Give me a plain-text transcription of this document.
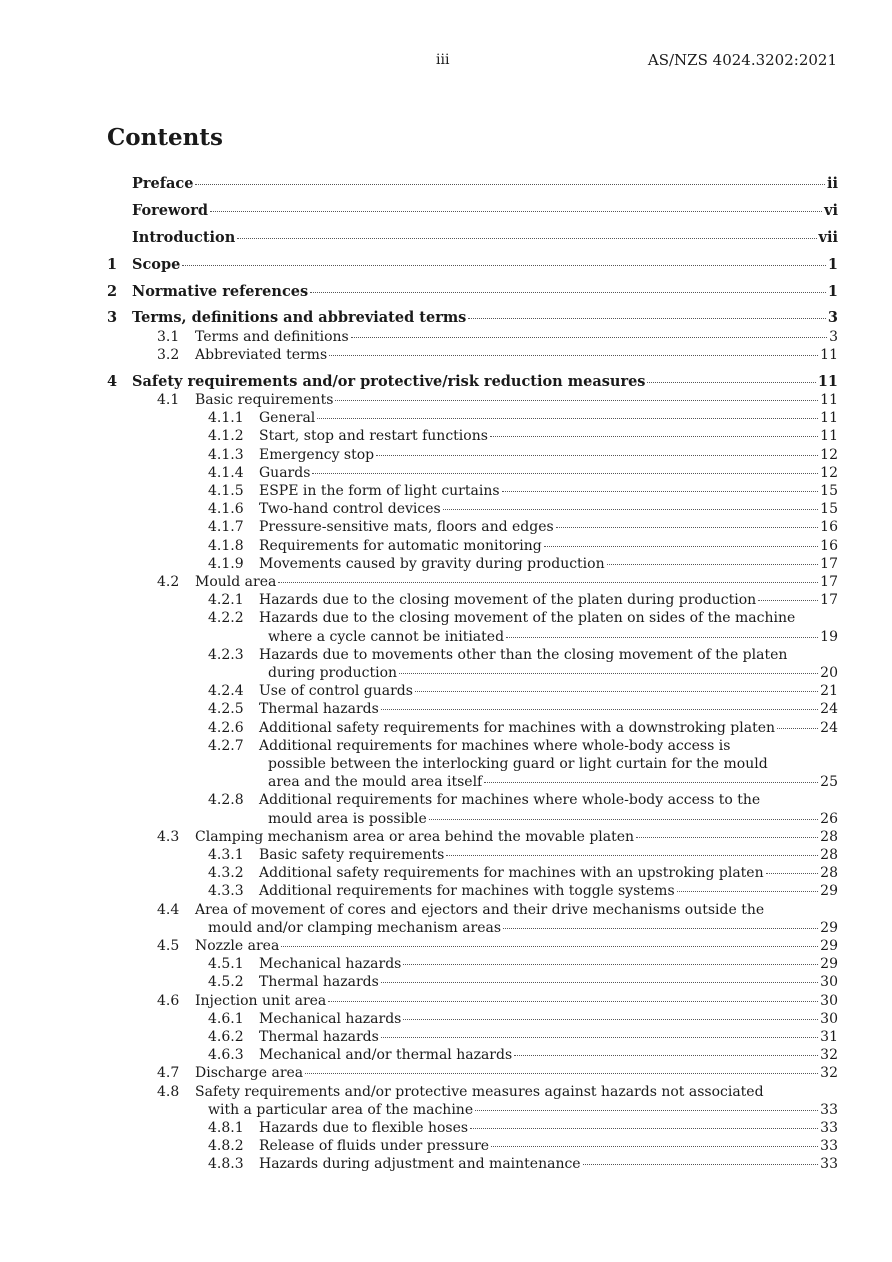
iii	AS/NZS 4024.3202:2021
Contents
Preface	ii
Foreword	vi
Introduction	vii
1	Scope	1
2	Normative references	1
3	Terms, definitions and abbreviated terms	3
3.1	Terms and definitions	3
3.2	Abbreviated terms	11
4	Safety requirements and/or protective/risk reduction measures	11
4.1	Basic requirements	11
4.1.1	General	11
4.1.2	Start, stop and restart functions	11
4.1.3	Emergency stop	12
4.1.4	Guards	12
4.1.5	ESPE in the form of light curtains	15
4.1.6	Two-hand control devices	15
4.1.7	Pressure-sensitive mats, floors and edges	16
4.1.8	Requirements for automatic monitoring	16
4.1.9	Movements caused by gravity during production	17
4.2	Mould area	17
4.2.1	Hazards due to the closing movement of the platen during production	17
4.2.2	Hazards due to the closing movement of the platen on sides of the machine
where a cycle cannot be initiated	19
4.2.3	Hazards due to movements other than the closing movement of the platen
during production	20
4.2.4	Use of control guards	21
4.2.5	Thermal hazards	24
4.2.6	Additional safety requirements for machines with a downstroking platen	24
4.2.7	Additional requirements for machines where whole-body access is
possible between the interlocking guard or light curtain for the mould
area and the mould area itself	25
4.2.8	Additional requirements for machines where whole-body access to the
mould area is possible	26
4.3	Clamping mechanism area or area behind the movable platen	28
4.3.1	Basic safety requirements	28
4.3.2	Additional safety requirements for machines with an upstroking platen	28
4.3.3	Additional requirements for machines with toggle systems	29
4.4	Area of movement of cores and ejectors and their drive mechanisms outside the
mould and/or clamping mechanism areas	29
4.5	Nozzle area	29
4.5.1	Mechanical hazards	29
4.5.2	Thermal hazards	30
4.6	Injection unit area	30
4.6.1	Mechanical hazards	30
4.6.2	Thermal hazards	31
4.6.3	Mechanical and/or thermal hazards	32
4.7	Discharge area	32
4.8	Safety requirements and/or protective measures against hazards not associated
with a particular area of the machine	33
4.8.1	Hazards due to flexible hoses	33
4.8.2	Release of fluids under pressure	33
4.8.3	Hazards during adjustment and maintenance	33
